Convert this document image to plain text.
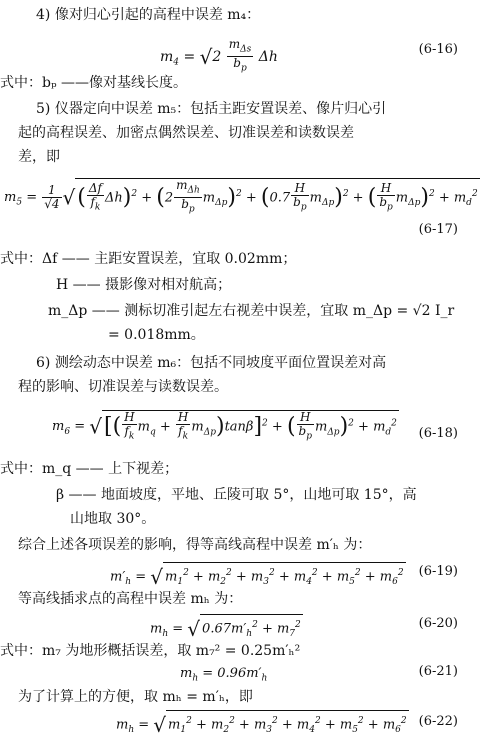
4) 像对归心引起的高程中误差 m₄：
$m_4 = √2 \frac{m_{\Delta s}}{b_p}$ Δh	(6-16)
式中：bₚ ——像对基线长度。
5) 仪器定向中误差 m₅：包括主距安置误差、像片归心引
起的高程误差、加密点偶然误差、切准误差和读数误差
差，即
$m_5 = \frac{1}{√4}$ √( $\frac{\Delta f}{f_k} \Delta h)^2 + (2 \frac{m_{\Delta h}}{b_p} m_{\Delta p})^2 + (0.7 \frac{H}{b_p} m_{\Delta p})^2$ + ( $\frac{H}{b_p} m_{\Delta p})^2 + m_d^2$
(6-17)
式中：Δf —— 主距安置误差，宜取 0.02mm；
H —— 摄影像对相对航高；
m_Δp —— 测标切准引起左右视差中误差，宜取 m_Δp = √2 I_r
= 0.018mm。
6) 测绘动态中误差 m₆：包括不同坡度平面位置误差对高
程的影响、切准误差与读数误差。
$m_6$ = √[( $\frac{H}{f_k} m_q + \frac{H}{f_k} m_{\Delta p})\tan\beta]^2$ + ( $\frac{H}{b_p} m_{\Delta p})^2 + m_d^2$
(6-18)
式中：m_q —— 上下视差；
β —— 地面坡度，平地、丘陵可取 5°，山地可取 15°，高
山地取 30°。
综合上述各项误差的影响，得等高线高程中误差 m′ₕ 为：
$m'_h$ = √ $m_1^2 + m_2^2 + m_3^2 + m_4^2 + m_5^2 + m_6^2$ (6-19)
等高线插求点的高程中误差 mₕ 为：
$m_h$ = √ $0.67m'_h^2 + m_7^2$	(6-20)
式中：m₇ 为地形概括误差，取 m₇² = 0.25m′ₕ²
$m_h = 0.96m'_h$	(6-21)
为了计算上的方便，取 mₕ = m′ₕ，即
$m_h$ = √ $m_1^2 + m_2^2 + m_3^2 + m_4^2 + m_5^2 + m_6^2$ (6-22)
